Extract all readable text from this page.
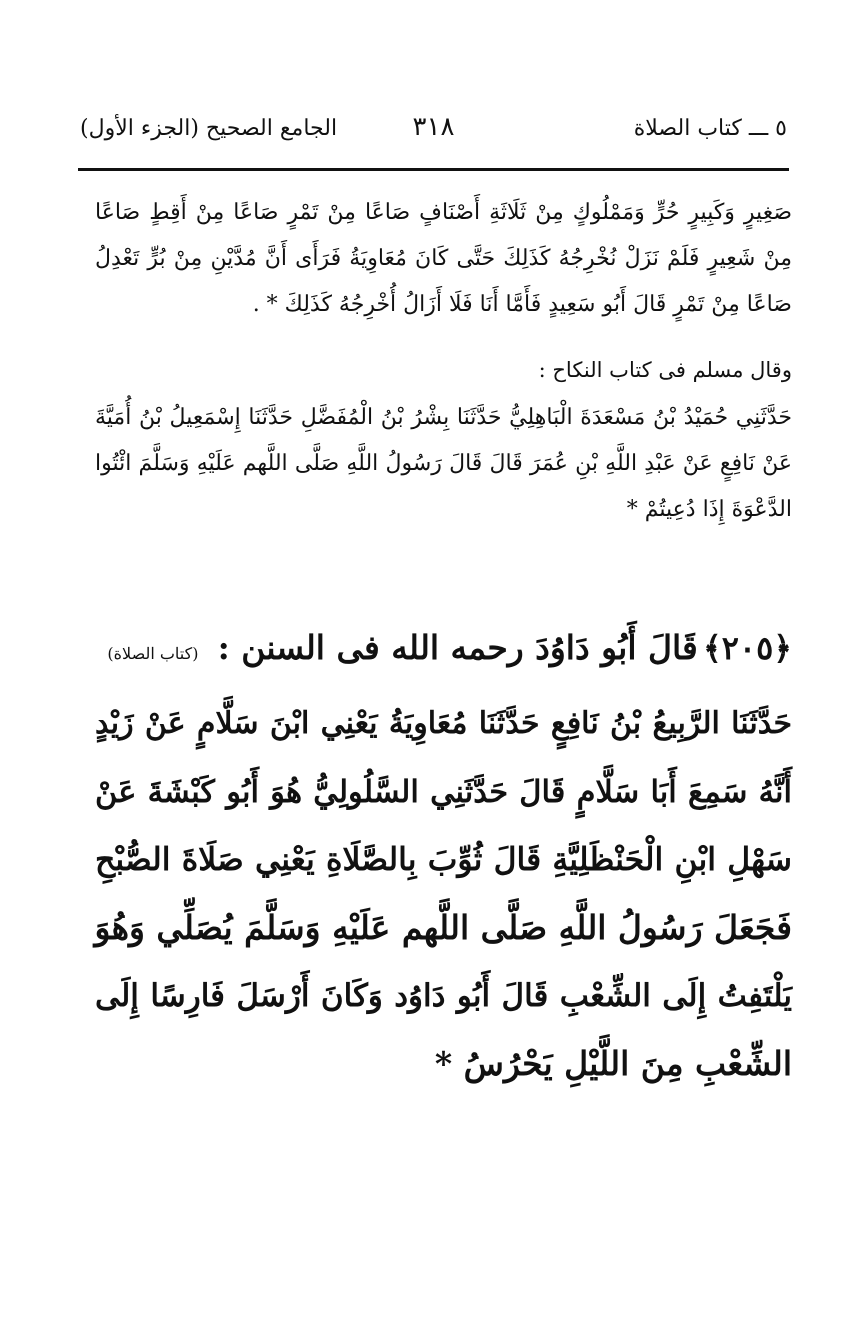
٥ ـــ كتاب الصلاة
٣١٨
الجامع الصحيح (الجزء الأول)
صَغِيرٍ وَكَبِيرٍ حُرٍّ وَمَمْلُوكٍ مِنْ ثَلَاثَةِ أَصْنَافٍ صَاعًا مِنْ تَمْرٍ صَاعًا مِنْ أَقِطٍ صَاعًا
مِنْ شَعِيرٍ فَلَمْ نَزَلْ نُخْرِجُهُ كَذَلِكَ حَتَّى كَانَ مُعَاوِيَةُ فَرَأَى أَنَّ مُدَّيْنِ مِنْ بُرٍّ تَعْدِلُ
صَاعًا مِنْ تَمْرٍ قَالَ أَبُو سَعِيدٍ فَأَمَّا أَنَا فَلَا أَزَالُ أُخْرِجُهُ كَذَلِكَ * .
وقال مسلم فى كتاب النكاح :
حَدَّثَنِي حُمَيْدُ بْنُ مَسْعَدَةَ الْبَاهِلِيُّ حَدَّثَنَا بِشْرُ بْنُ الْمُفَضَّلِ حَدَّثَنَا إِسْمَعِيلُ بْنُ أُمَيَّةَ
عَنْ نَافِعٍ عَنْ عَبْدِ اللَّهِ بْنِ عُمَرَ قَالَ قَالَ رَسُولُ اللَّهِ صَلَّى اللَّهم عَلَيْهِ وَسَلَّمَ ائْتُوا
الدَّعْوَةَ إِذَا دُعِيتُمْ *
﴿٢٠٥﴾ قَالَ أَبُو دَاوُدَ رحمه الله فى السنن : (كتاب الصلاة)
حَدَّثَنَا الرَّبِيعُ بْنُ نَافِعٍ حَدَّثَنَا مُعَاوِيَةُ يَعْنِي ابْنَ سَلَّامٍ عَنْ زَيْدٍ
أَنَّهُ سَمِعَ أَبَا سَلَّامٍ قَالَ حَدَّثَنِي السَّلُولِيُّ هُوَ أَبُو كَبْشَةَ عَنْ
سَهْلِ ابْنِ الْحَنْظَلِيَّةِ قَالَ ثُوِّبَ بِالصَّلَاةِ يَعْنِي صَلَاةَ الصُّبْحِ
فَجَعَلَ رَسُولُ اللَّهِ صَلَّى اللَّهم عَلَيْهِ وَسَلَّمَ يُصَلِّي وَهُوَ
يَلْتَفِتُ إِلَى الشِّعْبِ قَالَ أَبُو دَاوُد وَكَانَ أَرْسَلَ فَارِسًا إِلَى
الشِّعْبِ مِنَ اللَّيْلِ يَحْرُسُ *
